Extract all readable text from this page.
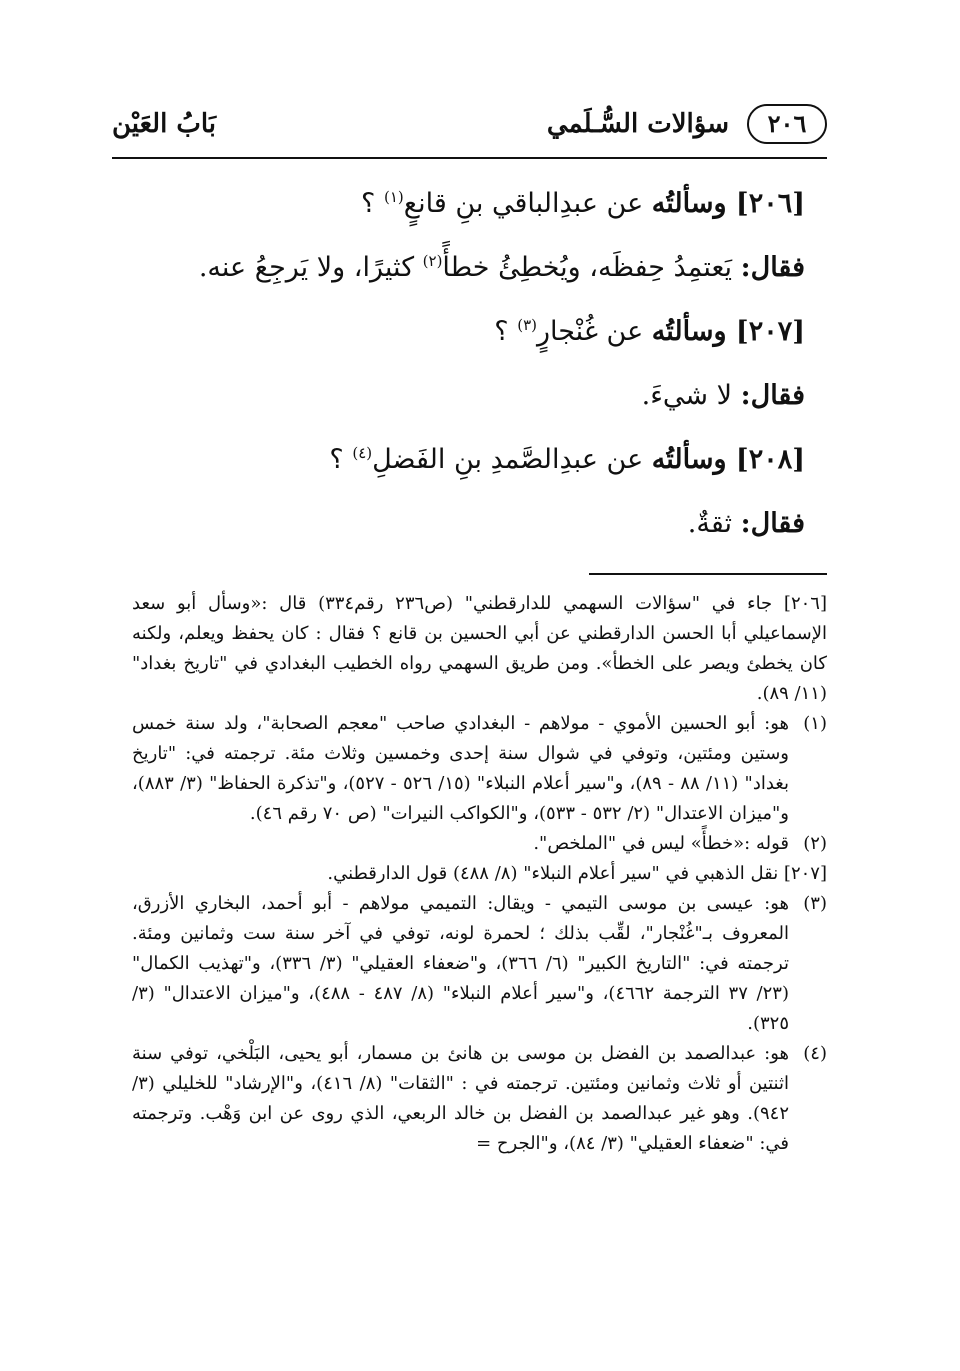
٢٠٦
سؤالات السُّـلَمي
بَابُ العَيْن
[٢٠٦] وسألتُه عن عبدِالباقي بنِ قانعٍ$^{(١)}$ ؟
فقال: يَعتمِدُ حِفظَه، ويُخطِئُ خطأً$^{(٢)}$ كثيرًا، ولا يَرجِعُ عنه.
[٢٠٧] وسألتُه عن غُنْجارٍ$^{(٣)}$ ؟
فقال: لا شيءَ.
[٢٠٨] وسألتُه عن عبدِالصَّمدِ بنِ الفَضلِ$^{(٤)}$ ؟
فقال: ثقةٌ.
[٢٠٦] جاء في "سؤالات السهمي للدارقطني" (ص٢٣٦ رقم٣٣٤) قال :«وسأل أبو سعد الإسماعيلي أبا الحسن الدارقطني عن أبي الحسين بن قانع ؟ فقال : كان يحفظ ويعلم، ولكنه كان يخطئ ويصر على الخطأ». ومن طريق السهمي رواه الخطيب البغدادي في "تاريخ بغداد" (١١/ ٨٩).
(١)
هو: أبو الحسين الأموي - مولاهم - البغدادي صاحب "معجم الصحابة"، ولد سنة خمس وستين ومئتين، وتوفي في شوال سنة إحدى وخمسين وثلاث مئة. ترجمته في: "تاريخ بغداد" (١١/ ٨٨ - ٨٩)، و"سير أعلام النبلاء" (١٥/ ٥٢٦ - ٥٢٧)، و"تذكرة الحفاظ" (٣/ ٨٨٣)، و"ميزان الاعتدال" (٢/ ٥٣٢ - ٥٣٣)، و"الكواكب النيرات" (ص ٧٠ رقم ٤٦).
(٢)
قوله :«خطأً» ليس في "الملخص".
[٢٠٧] نقل الذهبي في "سير أعلام النبلاء" (٨/ ٤٨٨) قول الدارقطني.
(٣)
هو: عيسى بن موسى التيمي - ويقال: التميمي مولاهم - أبو أحمد، البخاري الأزرق، المعروف بـ"غُنْجار"، لقِّب بذلك ؛ لحمرة لونه، توفي في آخر سنة ست وثمانين ومئة. ترجمته في: "التاريخ الكبير" (٦/ ٣٦٦)، و"ضعفاء العقيلي" (٣/ ٣٣٦)، و"تهذيب الكمال" (٢٣/ ٣٧ الترجمة ٤٦٦٢)، و"سير أعلام النبلاء" (٨/ ٤٨٧ - ٤٨٨)، و"ميزان الاعتدال" (٣/ ٣٢٥).
(٤)
هو: عبدالصمد بن الفضل بن موسى بن هانئ بن مسمار، أبو يحيى، البَلْخي، توفي سنة اثنتين أو ثلاث وثمانين ومئتين. ترجمته في : "الثقات" (٨/ ٤١٦)، و"الإرشاد" للخليلي (٣/ ٩٤٢). وهو غير عبدالصمد بن الفضل بن خالد الربعي، الذي روى عن ابن وَهْب. وترجمته في: "ضعفاء العقيلي" (٣/ ٨٤)، و"الجرح =
